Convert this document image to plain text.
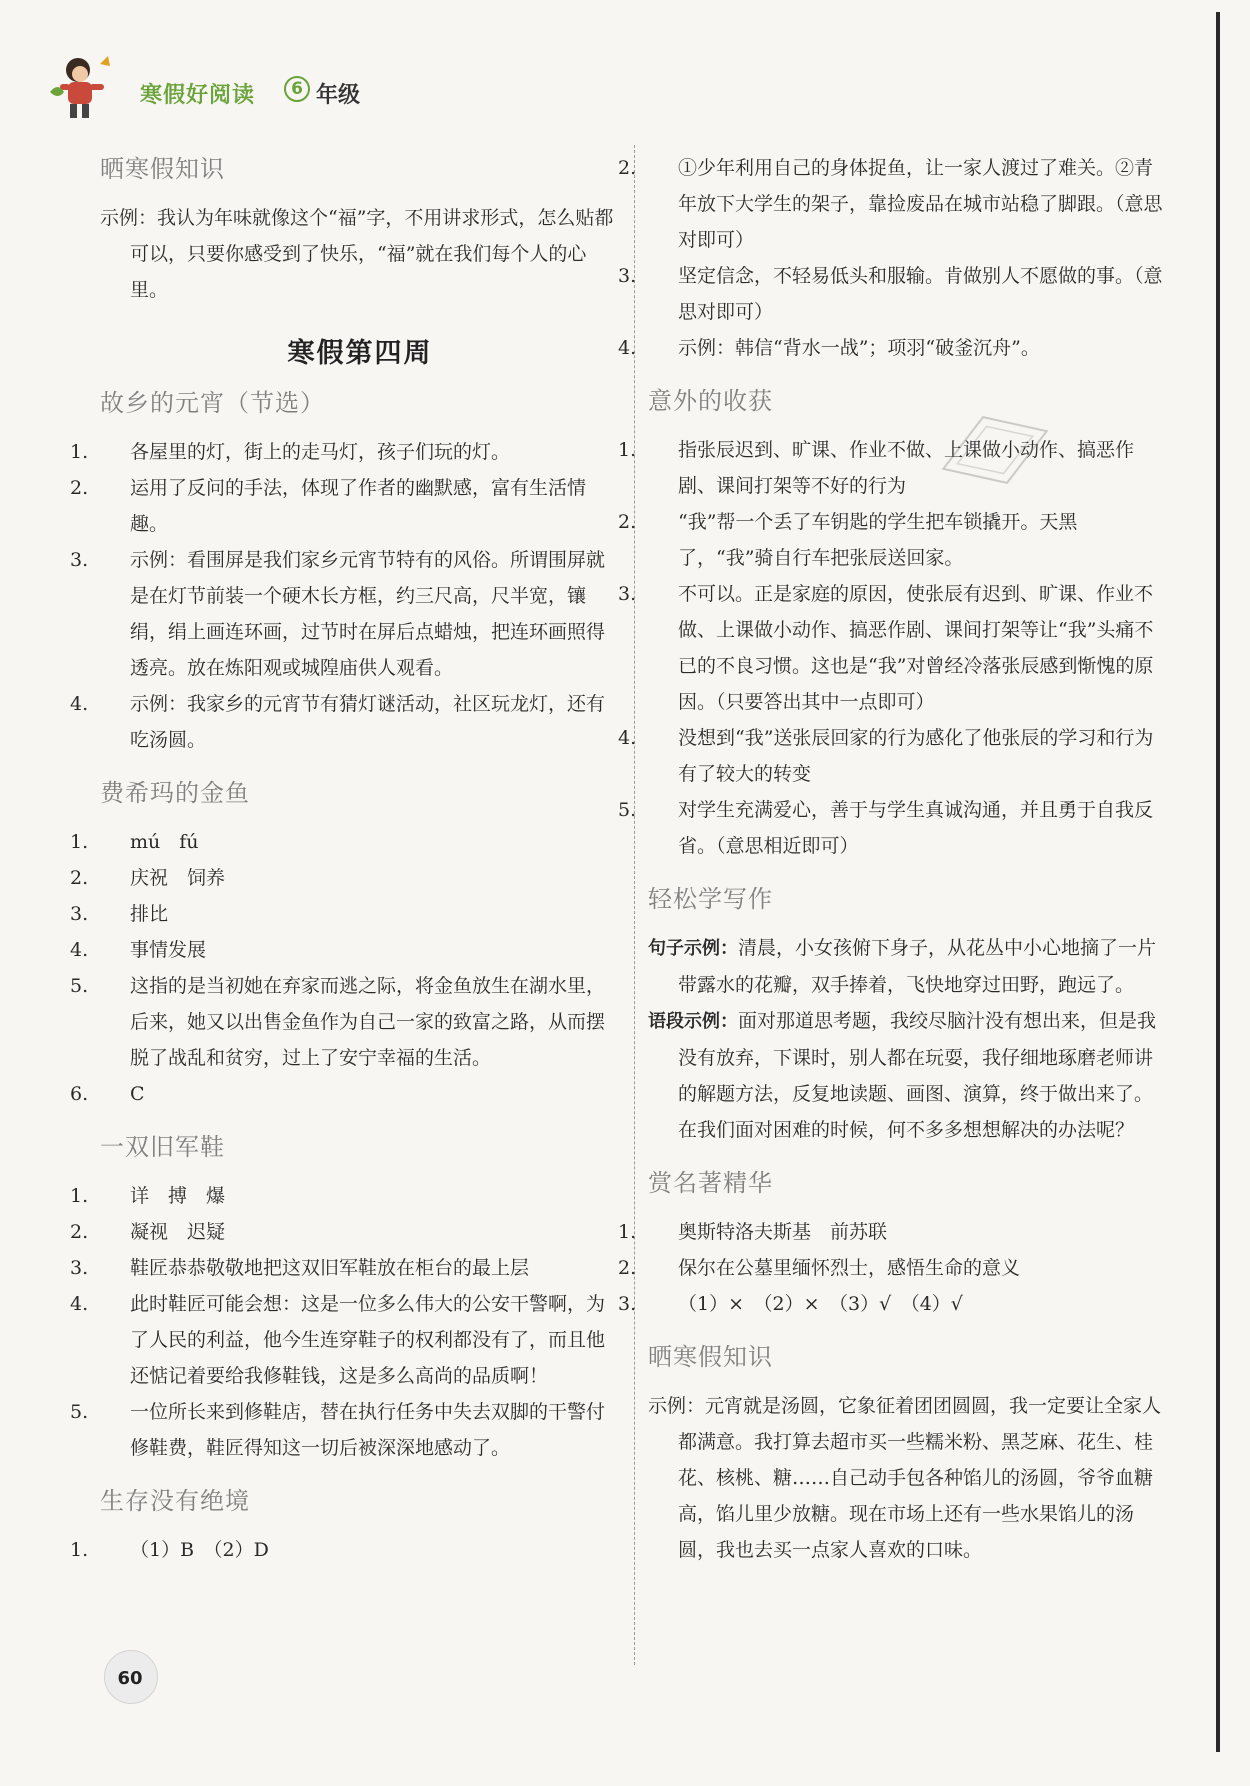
寒假好阅读	6 年级
晒寒假知识

示例：我认为年味就像这个“福”字，不用讲求形式，怎么贴都可以，只要你感受到了快乐，“福”就在我们每个人的心里。

寒假第四周
故乡的元宵（节选）

1. 各屋里的灯，街上的走马灯，孩子们玩的灯。

2. 运用了反问的手法，体现了作者的幽默感，富有生活情趣。

3. 示例：看围屏是我们家乡元宵节特有的风俗。所谓围屏就是在灯节前装一个硬木长方框，约三尺高，尺半宽，镶绢，绢上画连环画，过节时在屏后点蜡烛，把连环画照得透亮。放在炼阳观或城隍庙供人观看。

4. 示例：我家乡的元宵节有猜灯谜活动，社区玩龙灯，还有吃汤圆。

费希玛的金鱼

1. mú　fú

2. 庆祝　饲养

3. 排比

4. 事情发展

5. 这指的是当初她在弃家而逃之际，将金鱼放生在湖水里，后来，她又以出售金鱼作为自己一家的致富之路，从而摆脱了战乱和贫穷，过上了安宁幸福的生活。

6. C

一双旧军鞋

1. 详　搏　爆

2. 凝视　迟疑

3. 鞋匠恭恭敬敬地把这双旧军鞋放在柜台的最上层

4. 此时鞋匠可能会想：这是一位多么伟大的公安干警啊，为了人民的利益，他今生连穿鞋子的权利都没有了，而且他还惦记着要给我修鞋钱，这是多么高尚的品质啊！

5. 一位所长来到修鞋店，替在执行任务中失去双脚的干警付修鞋费，鞋匠得知这一切后被深深地感动了。

生存没有绝境

1. （1）B　（2）D

2. ①少年利用自己的身体捉鱼，让一家人渡过了难关。②青年放下大学生的架子，靠捡废品在城市站稳了脚跟。（意思对即可）

3. 坚定信念，不轻易低头和服输。肯做别人不愿做的事。（意思对即可）

4. 示例：韩信“背水一战”；项羽“破釜沉舟”。

意外的收获

1. 指张辰迟到、旷课、作业不做、上课做小动作、搞恶作剧、课间打架等不好的行为

2. “我”帮一个丢了车钥匙的学生把车锁撬开。天黑了，“我”骑自行车把张辰送回家。

3. 不可以。正是家庭的原因，使张辰有迟到、旷课、作业不做、上课做小动作、搞恶作剧、课间打架等让“我”头痛不已的不良习惯。这也是“我”对曾经冷落张辰感到惭愧的原因。（只要答出其中一点即可）

4. 没想到“我”送张辰回家的行为感化了他张辰的学习和行为有了较大的转变

5. 对学生充满爱心，善于与学生真诚沟通，并且勇于自我反省。（意思相近即可）

轻松学写作

句子示例：清晨，小女孩俯下身子，从花丛中小心地摘了一片带露水的花瓣，双手捧着，飞快地穿过田野，跑远了。

语段示例：面对那道思考题，我绞尽脑汁没有想出来，但是我没有放弃，下课时，别人都在玩耍，我仔细地琢磨老师讲的解题方法，反复地读题、画图、演算，终于做出来了。在我们面对困难的时候，何不多多想想解决的办法呢？

赏名著精华

1. 奥斯特洛夫斯基　前苏联

2. 保尔在公墓里缅怀烈士，感悟生命的意义

3. （1）×　（2）×　（3）√　（4）√

晒寒假知识

示例：元宵就是汤圆，它象征着团团圆圆，我一定要让全家人都满意。我打算去超市买一些糯米粉、黑芝麻、花生、桂花、核桃、糖……自己动手包各种馅儿的汤圆，爷爷血糖高，馅儿里少放糖。现在市场上还有一些水果馅儿的汤圆，我也去买一点家人喜欢的口味。

60
